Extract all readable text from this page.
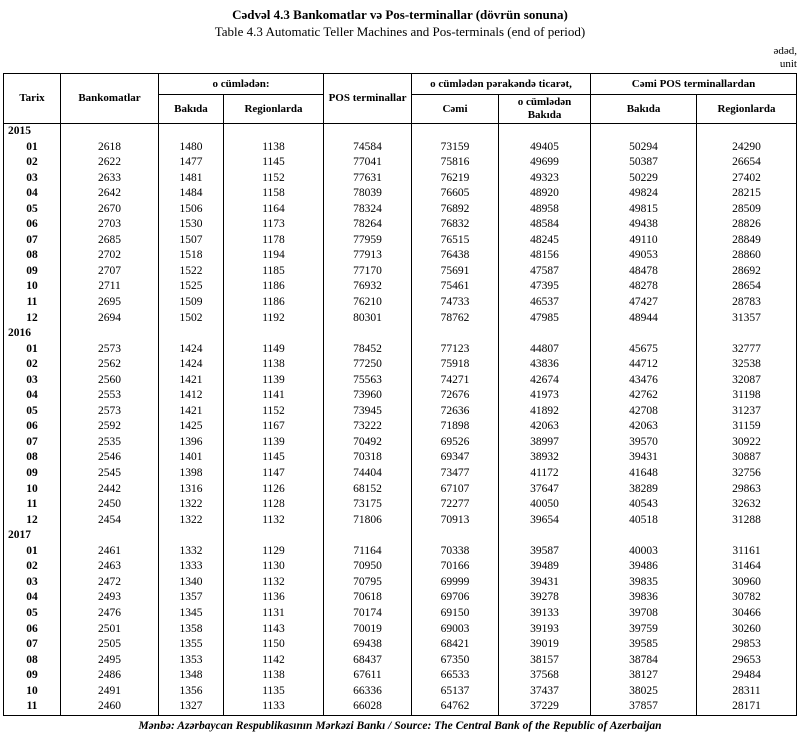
Cədvəl 4.3 Bankomatlar və Pos-terminallar (dövrün sonuna)
Table 4.3 Automatic Teller Machines and Pos-terminals (end of period)
ədəd,
unit
Tarix	Bankomatlar	o cümlədən:		POS terminallar	o cümlədən pərakəndə ticarət,		Cəmi POS terminallardan	
		Bakıda	Regionlarda		Cəmi	o cümlədən Bakıda	Bakıda	Regionlarda
2015								
01	2618	1480	1138	74584	73159	49405	50294	24290
02	2622	1477	1145	77041	75816	49699	50387	26654
03	2633	1481	1152	77631	76219	49323	50229	27402
04	2642	1484	1158	78039	76605	48920	49824	28215
05	2670	1506	1164	78324	76892	48958	49815	28509
06	2703	1530	1173	78264	76832	48584	49438	28826
07	2685	1507	1178	77959	76515	48245	49110	28849
08	2702	1518	1194	77913	76438	48156	49053	28860
09	2707	1522	1185	77170	75691	47587	48478	28692
10	2711	1525	1186	76932	75461	47395	48278	28654
11	2695	1509	1186	76210	74733	46537	47427	28783
12	2694	1502	1192	80301	78762	47985	48944	31357
2016								
01	2573	1424	1149	78452	77123	44807	45675	32777
02	2562	1424	1138	77250	75918	43836	44712	32538
03	2560	1421	1139	75563	74271	42674	43476	32087
04	2553	1412	1141	73960	72676	41973	42762	31198
05	2573	1421	1152	73945	72636	41892	42708	31237
06	2592	1425	1167	73222	71898	42063	42063	31159
07	2535	1396	1139	70492	69526	38997	39570	30922
08	2546	1401	1145	70318	69347	38932	39431	30887
09	2545	1398	1147	74404	73477	41172	41648	32756
10	2442	1316	1126	68152	67107	37647	38289	29863
11	2450	1322	1128	73175	72277	40050	40543	32632
12	2454	1322	1132	71806	70913	39654	40518	31288
2017								
01	2461	1332	1129	71164	70338	39587	40003	31161
02	2463	1333	1130	70950	70166	39489	39486	31464
03	2472	1340	1132	70795	69999	39431	39835	30960
04	2493	1357	1136	70618	69706	39278	39836	30782
05	2476	1345	1131	70174	69150	39133	39708	30466
06	2501	1358	1143	70019	69003	39193	39759	30260
07	2505	1355	1150	69438	68421	39019	39585	29853
08	2495	1353	1142	68437	67350	38157	38784	29653
09	2486	1348	1138	67611	66533	37568	38127	29484
10	2491	1356	1135	66336	65137	37437	38025	28311
11	2460	1327	1133	66028	64762	37229	37857	28171
Mənbə: Azərbaycan Respublikasının Mərkəzi Bankı / Source: The Central Bank of the Republic of Azerbaijan
